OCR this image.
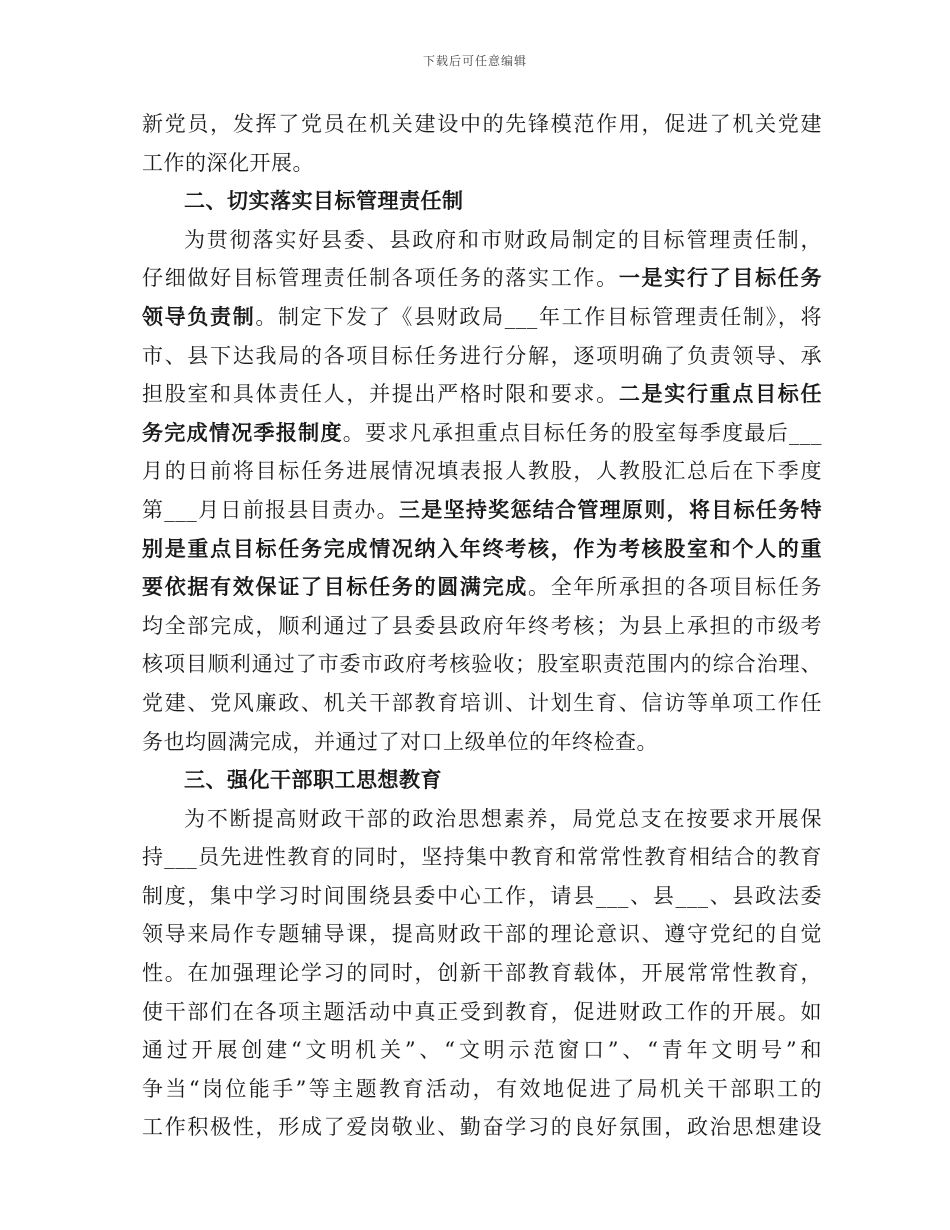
下载后可任意编辑
新党员，发挥了党员在机关建设中的先锋模范作用，促进了机关党建
工作的深化开展。
二、切实落实目标管理责任制
为贯彻落实好县委、县政府和市财政局制定的目标管理责任制，
仔细做好目标管理责任制各项任务的落实工作。一是实行了目标任务
领导负责制。制定下发了《县财政局___年工作目标管理责任制》，将
市、县下达我局的各项目标任务进行分解，逐项明确了负责领导、承
担股室和具体责任人，并提出严格时限和要求。二是实行重点目标任
务完成情况季报制度。要求凡承担重点目标任务的股室每季度最后___
月的日前将目标任务进展情况填表报人教股，人教股汇总后在下季度
第___月日前报县目责办。三是坚持奖惩结合管理原则，将目标任务特
别是重点目标任务完成情况纳入年终考核，作为考核股室和个人的重
要依据有效保证了目标任务的圆满完成。全年所承担的各项目标任务
均全部完成，顺利通过了县委县政府年终考核；为县上承担的市级考
核项目顺利通过了市委市政府考核验收；股室职责范围内的综合治理、
党建、党风廉政、机关干部教育培训、计划生育、信访等单项工作任
务也均圆满完成，并通过了对口上级单位的年终检查。
三、强化干部职工思想教育
为不断提高财政干部的政治思想素养，局党总支在按要求开展保
持___员先进性教育的同时，坚持集中教育和常常性教育相结合的教育
制度，集中学习时间围绕县委中心工作，请县___、县___、县政法委
领导来局作专题辅导课，提高财政干部的理论意识、遵守党纪的自觉
性。在加强理论学习的同时，创新干部教育载体，开展常常性教育，
使干部们在各项主题活动中真正受到教育，促进财政工作的开展。如
通过开展创建“文明机关”、“文明示范窗口”、“青年文明号”和
争当“岗位能手”等主题教育活动，有效地促进了局机关干部职工的
工作积极性，形成了爱岗敬业、勤奋学习的良好氛围，政治思想建设
